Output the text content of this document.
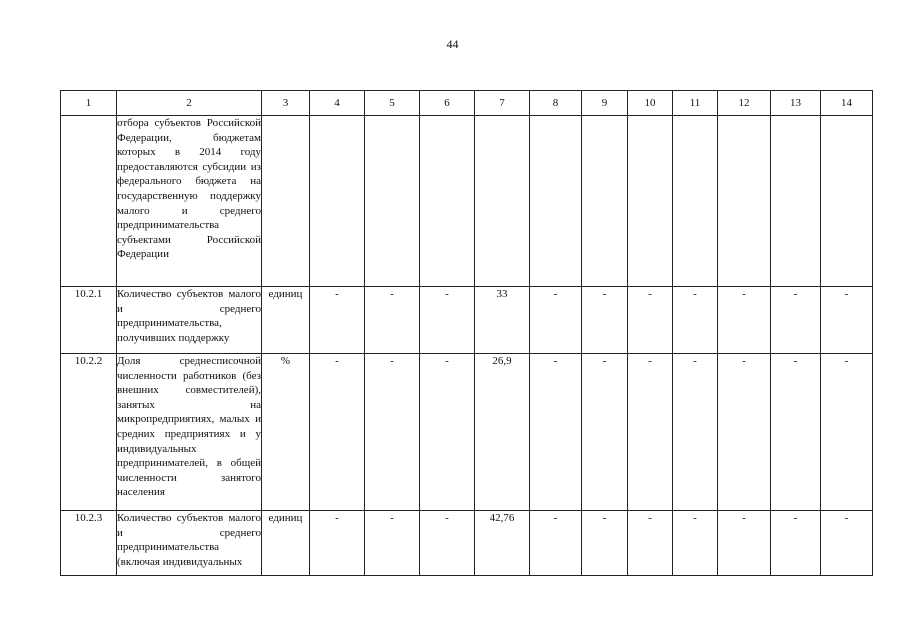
44
1	2	3	4	5	6	7	8	9	10	11	12	13	14
	отбора субъектов Российской Федерации, бюджетам которых в 2014 году предоставляются субсидии из федерального бюджета на государственную поддержку малого и среднего предпринимательства субъектами Российской Федерации												
10.2.1	Количество субъектов малого и среднего предпринимательства, получивших поддержку	единиц	-	-	-	33	-	-	-	-	-	-	-
10.2.2	Доля среднесписочной численности работников (без внешних совместителей), занятых на микропредприятиях, малых и средних предприятиях и у индивидуальных предпринимателей, в общей численности занятого населения	%	-	-	-	26,9	-	-	-	-	-	-	-
10.2.3	Количество субъектов малого и среднего предпринимательства (включая индивидуальных	единиц	-	-	-	42,76	-	-	-	-	-	-	-
